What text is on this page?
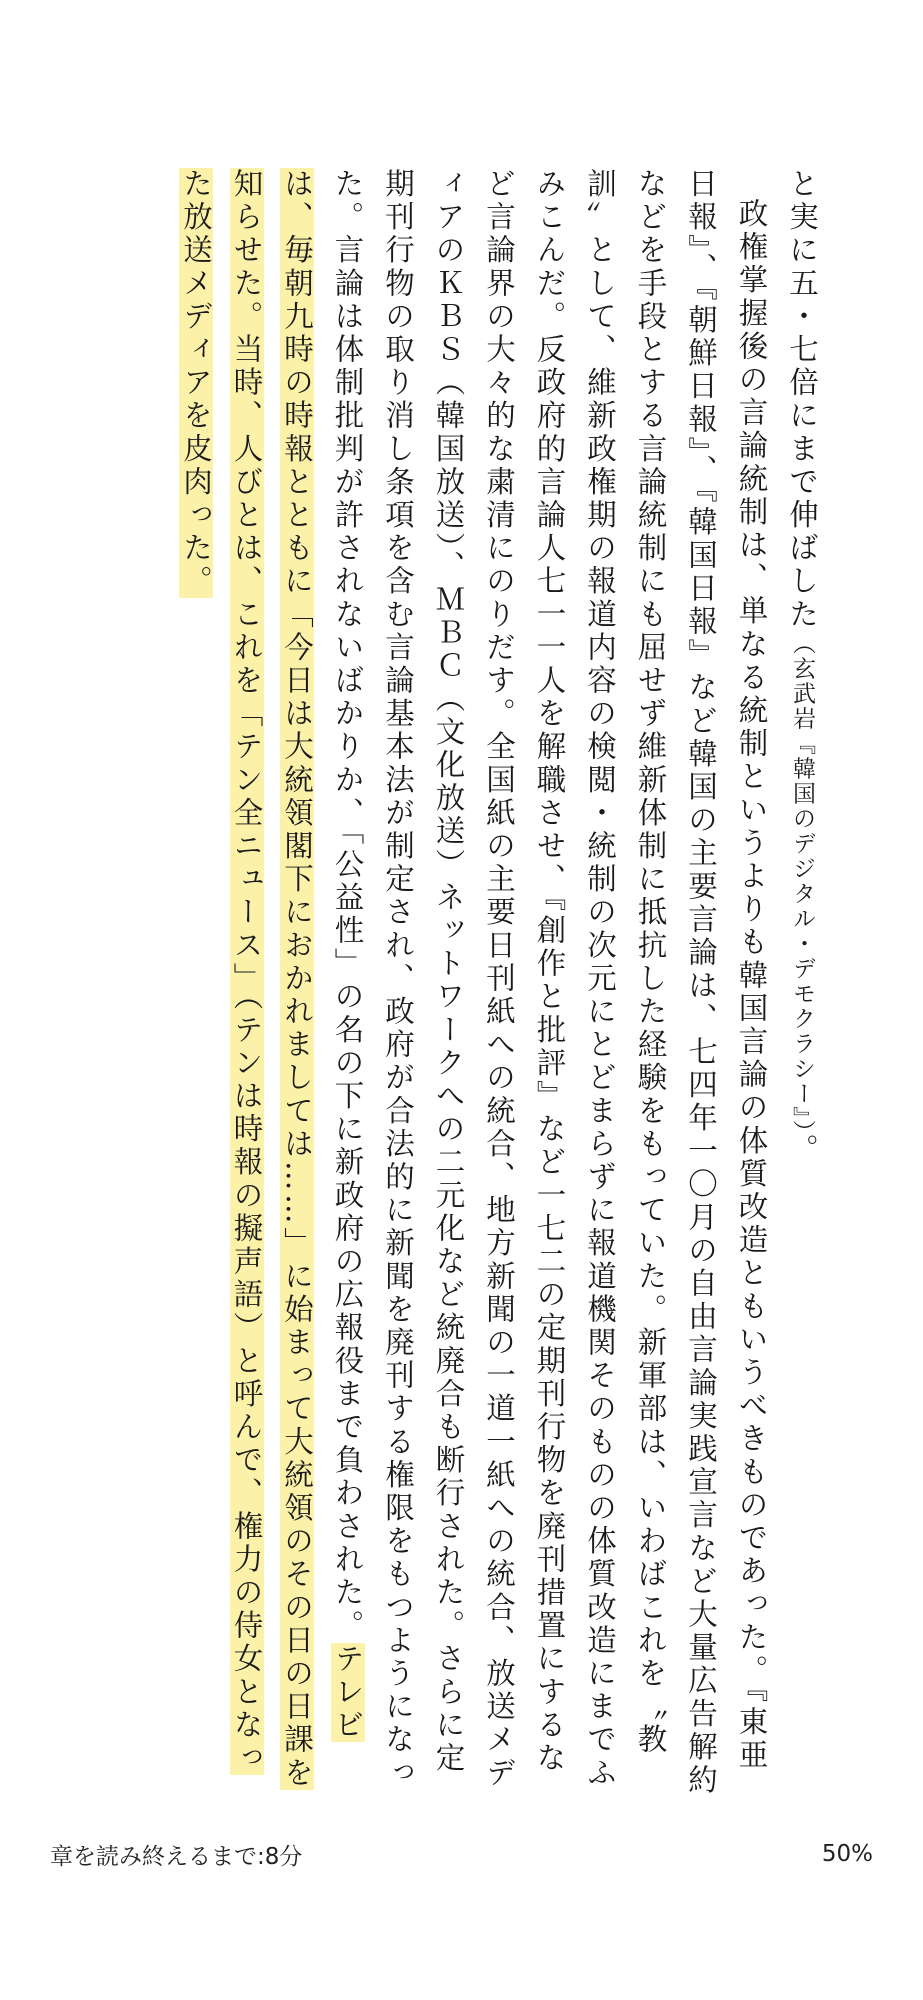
と実に五・七倍にまで伸ばした（玄武岩『韓国のデジタル・デモクラシー』）。

政権掌握後の言論統制は、単なる統制というよりも韓国言論の体質改造ともいうべきものであった。『東亜日報』、『朝鮮日報』、『韓国日報』など韓国の主要言論は、七四年一〇月の自由言論実践宣言など大量広告解約などを手段とする言論統制にも屈せず維新体制に抵抗した経験をもっていた。新軍部は、いわばこれを〝教訓〟として、維新政権期の報道内容の検閲・統制の次元にとどまらずに報道機関そのものの体質改造にまでふみこんだ。反政府的言論人七一一人を解職させ、『創作と批評』など一七二の定期刊行物を廃刊措置にするなど言論界の大々的な粛清にのりだす。全国紙の主要日刊紙への統合、地方新聞の一道一紙への統合、放送メディアのＫＢＳ（韓国放送）、ＭＢＣ（文化放送）ネットワークへの二元化など統廃合も断行された。さらに定期刊行物の取り消し条項を含む言論基本法が制定され、政府が合法的に新聞を廃刊する権限をもつようになった。言論は体制批判が許されないばかりか、「公益性」の名の下に新政府の広報役まで負わされた。テレビは、毎朝九時の時報とともに「今日は大統領閣下におかれましては……」に始まって大統領のその日の日課を知らせた。当時、人びとは、これを「テン全ニュース」（テンは時報の擬声語）と呼んで、権力の侍女となった放送メディアを皮肉った。

章を読み終えるまで:8分	50%
